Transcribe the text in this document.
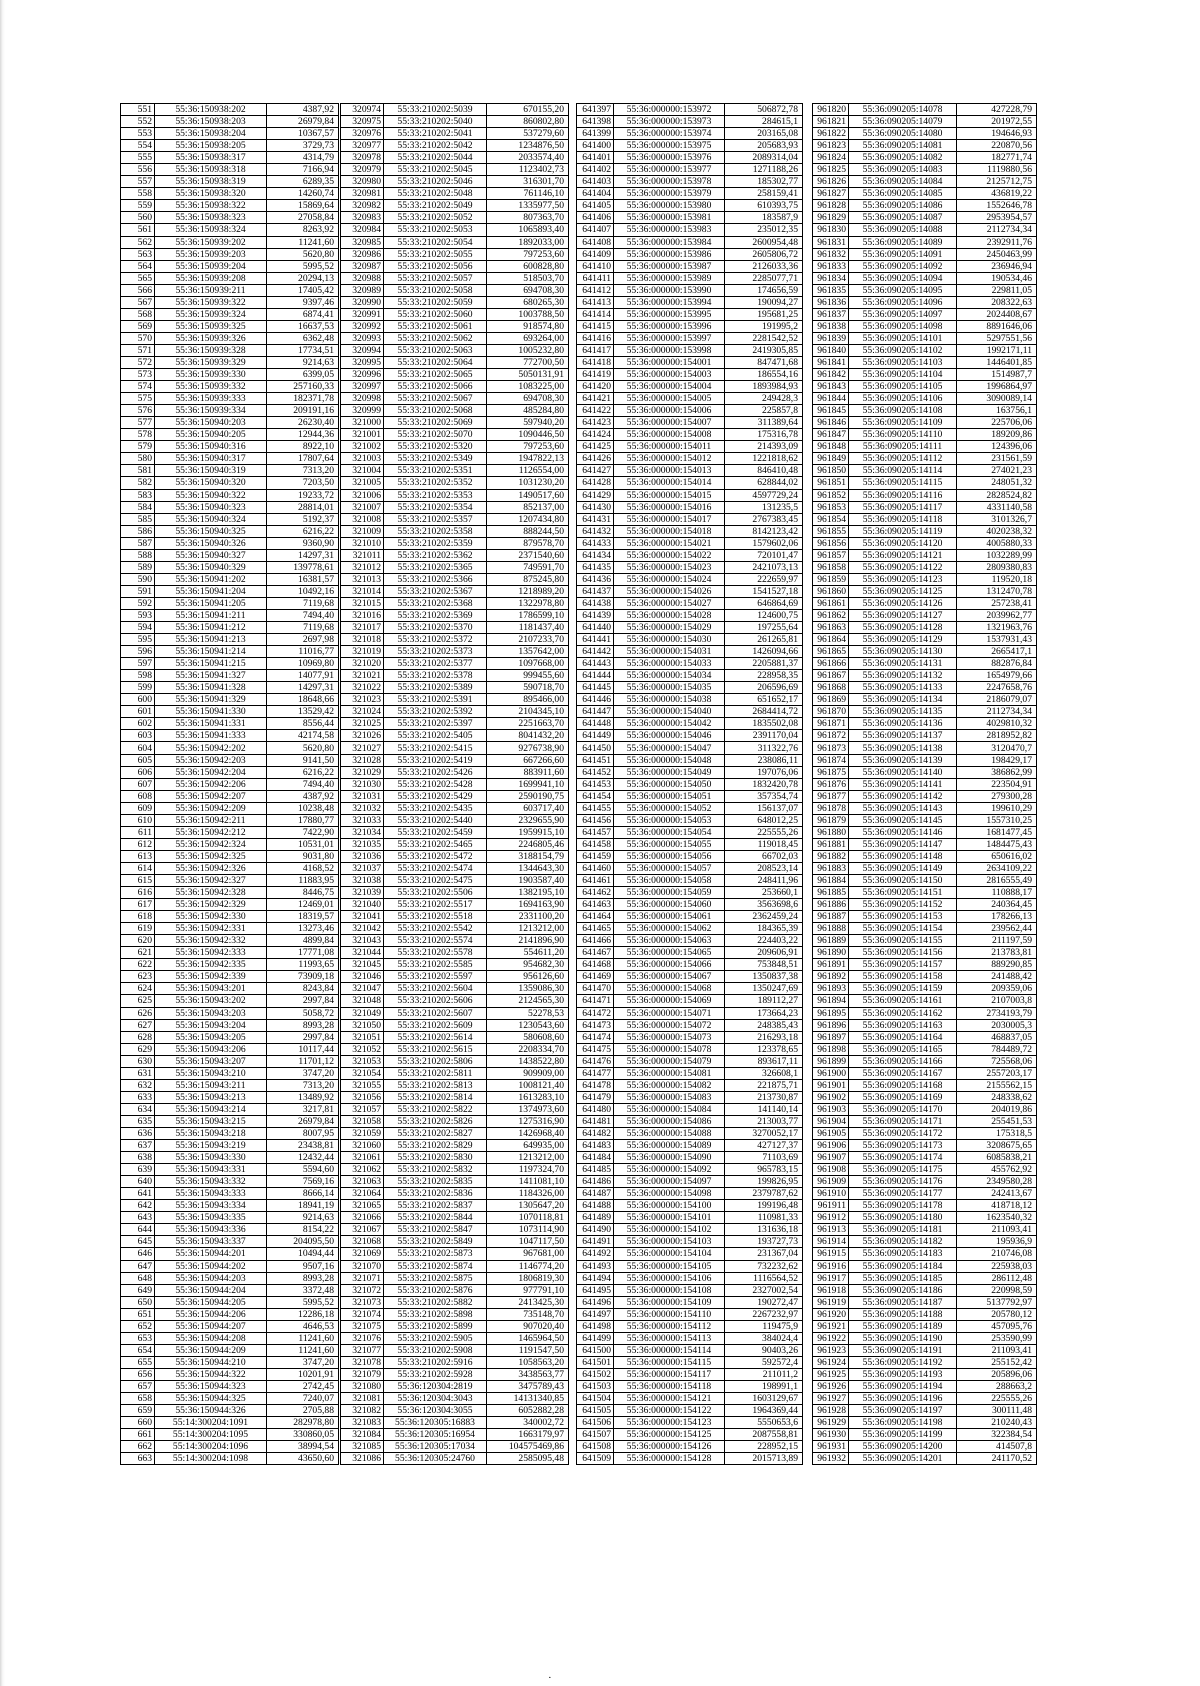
551	55:36:150938:202	4387,92
552	55:36:150938:203	26979,84
553	55:36:150938:204	10367,57
554	55:36:150938:205	3729,73
555	55:36:150938:317	4314,79
556	55:36:150938:318	7166,94
557	55:36:150938:319	6289,35
558	55:36:150938:320	14260,74
559	55:36:150938:322	15869,64
560	55:36:150938:323	27058,84
561	55:36:150938:324	8263,92
562	55:36:150939:202	11241,60
563	55:36:150939:203	5620,80
564	55:36:150939:204	5995,52
565	55:36:150939:208	20294,13
566	55:36:150939:211	17405,42
567	55:36:150939:322	9397,46
568	55:36:150939:324	6874,41
569	55:36:150939:325	16637,53
570	55:36:150939:326	6362,48
571	55:36:150939:328	17734,51
572	55:36:150939:329	9214,63
573	55:36:150939:330	6399,05
574	55:36:150939:332	257160,33
575	55:36:150939:333	182371,78
576	55:36:150939:334	209191,16
577	55:36:150940:203	26230,40
578	55:36:150940:205	12944,36
579	55:36:150940:316	8922,10
580	55:36:150940:317	17807,64
581	55:36:150940:319	7313,20
582	55:36:150940:320	7203,50
583	55:36:150940:322	19233,72
584	55:36:150940:323	28814,01
585	55:36:150940:324	5192,37
586	55:36:150940:325	6216,22
587	55:36:150940:326	9360,90
588	55:36:150940:327	14297,31
589	55:36:150940:329	139778,61
590	55:36:150941:202	16381,57
591	55:36:150941:204	10492,16
592	55:36:150941:205	7119,68
593	55:36:150941:211	7494,40
594	55:36:150941:212	7119,68
595	55:36:150941:213	2697,98
596	55:36:150941:214	11016,77
597	55:36:150941:215	10969,80
598	55:36:150941:327	14077,91
599	55:36:150941:328	14297,31
600	55:36:150941:329	18648,66
601	55:36:150941:330	13529,42
602	55:36:150941:331	8556,44
603	55:36:150941:333	42174,58
604	55:36:150942:202	5620,80
605	55:36:150942:203	9141,50
606	55:36:150942:204	6216,22
607	55:36:150942:206	7494,40
608	55:36:150942:207	4387,92
609	55:36:150942:209	10238,48
610	55:36:150942:211	17880,77
611	55:36:150942:212	7422,90
612	55:36:150942:324	10531,01
613	55:36:150942:325	9031,80
614	55:36:150942:326	4168,52
615	55:36:150942:327	11883,95
616	55:36:150942:328	8446,75
617	55:36:150942:329	12469,01
618	55:36:150942:330	18319,57
619	55:36:150942:331	13273,46
620	55:36:150942:332	4899,84
621	55:36:150942:333	17771,08
622	55:36:150942:335	11993,65
623	55:36:150942:339	73909,18
624	55:36:150943:201	8243,84
625	55:36:150943:202	2997,84
626	55:36:150943:203	5058,72
627	55:36:150943:204	8993,28
628	55:36:150943:205	2997,84
629	55:36:150943:206	10117,44
630	55:36:150943:207	11701,12
631	55:36:150943:210	3747,20
632	55:36:150943:211	7313,20
633	55:36:150943:213	13489,92
634	55:36:150943:214	3217,81
635	55:36:150943:215	26979,84
636	55:36:150943:218	8007,95
637	55:36:150943:219	23438,81
638	55:36:150943:330	12432,44
639	55:36:150943:331	5594,60
640	55:36:150943:332	7569,16
641	55:36:150943:333	8666,14
642	55:36:150943:334	18941,19
643	55:36:150943:335	9214,63
644	55:36:150943:336	8154,22
645	55:36:150943:337	204095,50
646	55:36:150944:201	10494,44
647	55:36:150944:202	9507,16
648	55:36:150944:203	8993,28
649	55:36:150944:204	3372,48
650	55:36:150944:205	5995,52
651	55:36:150944:206	12286,18
652	55:36:150944:207	4646,53
653	55:36:150944:208	11241,60
654	55:36:150944:209	11241,60
655	55:36:150944:210	3747,20
656	55:36:150944:322	10201,91
657	55:36:150944:323	2742,45
658	55:36:150944:325	7240,07
659	55:36:150944:326	2705,88
660	55:14:300204:1091	282978,80
661	55:14:300204:1095	330860,05
662	55:14:300204:1096	38994,54
663	55:14:300204:1098	43650,60
320974	55:33:210202:5039	670155,20
320975	55:33:210202:5040	860802,80
320976	55:33:210202:5041	537279,60
320977	55:33:210202:5042	1234876,50
320978	55:33:210202:5044	2033574,40
320979	55:33:210202:5045	1123402,73
320980	55:33:210202:5046	316301,70
320981	55:33:210202:5048	761146,10
320982	55:33:210202:5049	1335977,50
320983	55:33:210202:5052	807363,70
320984	55:33:210202:5053	1065893,40
320985	55:33:210202:5054	1892033,00
320986	55:33:210202:5055	797253,60
320987	55:33:210202:5056	600828,80
320988	55:33:210202:5057	518503,70
320989	55:33:210202:5058	694708,30
320990	55:33:210202:5059	680265,30
320991	55:33:210202:5060	1003788,50
320992	55:33:210202:5061	918574,80
320993	55:33:210202:5062	693264,00
320994	55:33:210202:5063	1005232,80
320995	55:33:210202:5064	772700,50
320996	55:33:210202:5065	5050131,91
320997	55:33:210202:5066	1083225,00
320998	55:33:210202:5067	694708,30
320999	55:33:210202:5068	485284,80
321000	55:33:210202:5069	597940,20
321001	55:33:210202:5070	1090446,50
321002	55:33:210202:5320	797253,60
321003	55:33:210202:5349	1947822,13
321004	55:33:210202:5351	1126554,00
321005	55:33:210202:5352	1031230,20
321006	55:33:210202:5353	1490517,60
321007	55:33:210202:5354	852137,00
321008	55:33:210202:5357	1207434,80
321009	55:33:210202:5358	888244,50
321010	55:33:210202:5359	879578,70
321011	55:33:210202:5362	2371540,60
321012	55:33:210202:5365	749591,70
321013	55:33:210202:5366	875245,80
321014	55:33:210202:5367	1218989,20
321015	55:33:210202:5368	1322978,80
321016	55:33:210202:5369	1786599,10
321017	55:33:210202:5370	1181437,40
321018	55:33:210202:5372	2107233,70
321019	55:33:210202:5373	1357642,00
321020	55:33:210202:5377	1097668,00
321021	55:33:210202:5378	999455,60
321022	55:33:210202:5389	590718,70
321023	55:33:210202:5391	895466,00
321024	55:33:210202:5392	2104345,10
321025	55:33:210202:5397	2251663,70
321026	55:33:210202:5405	8041432,20
321027	55:33:210202:5415	9276738,90
321028	55:33:210202:5419	667266,60
321029	55:33:210202:5426	883911,60
321030	55:33:210202:5428	1699941,10
321031	55:33:210202:5429	2590190,75
321032	55:33:210202:5435	603717,40
321033	55:33:210202:5440	2329655,90
321034	55:33:210202:5459	1959915,10
321035	55:33:210202:5465	2246805,46
321036	55:33:210202:5472	3188154,79
321037	55:33:210202:5474	1344643,30
321038	55:33:210202:5475	1903587,40
321039	55:33:210202:5506	1382195,10
321040	55:33:210202:5517	1694163,90
321041	55:33:210202:5518	2331100,20
321042	55:33:210202:5542	1213212,00
321043	55:33:210202:5574	2141896,90
321044	55:33:210202:5578	554611,20
321045	55:33:210202:5585	954682,30
321046	55:33:210202:5597	956126,60
321047	55:33:210202:5604	1359086,30
321048	55:33:210202:5606	2124565,30
321049	55:33:210202:5607	52278,53
321050	55:33:210202:5609	1230543,60
321051	55:33:210202:5614	580608,60
321052	55:33:210202:5615	2208334,70
321053	55:33:210202:5806	1438522,80
321054	55:33:210202:5811	909909,00
321055	55:33:210202:5813	1008121,40
321056	55:33:210202:5814	1613283,10
321057	55:33:210202:5822	1374973,60
321058	55:33:210202:5826	1275316,90
321059	55:33:210202:5827	1426968,40
321060	55:33:210202:5829	649935,00
321061	55:33:210202:5830	1213212,00
321062	55:33:210202:5832	1197324,70
321063	55:33:210202:5835	1411081,10
321064	55:33:210202:5836	1184326,00
321065	55:33:210202:5837	1305647,20
321066	55:33:210202:5844	1070118,81
321067	55:33:210202:5847	1073114,90
321068	55:33:210202:5849	1047117,50
321069	55:33:210202:5873	967681,00
321070	55:33:210202:5874	1146774,20
321071	55:33:210202:5875	1806819,30
321072	55:33:210202:5876	977791,10
321073	55:33:210202:5882	2413425,30
321074	55:33:210202:5898	735148,70
321075	55:33:210202:5899	907020,40
321076	55:33:210202:5905	1465964,50
321077	55:33:210202:5908	1191547,50
321078	55:33:210202:5916	1058563,20
321079	55:33:210202:5928	3438563,77
321080	55:36:120304:2819	3475789,43
321081	55:36:120304:3043	14131340,85
321082	55:36:120304:3055	6052882,28
321083	55:36:120305:16883	340002,72
321084	55:36:120305:16954	1663179,97
321085	55:36:120305:17034	104575469,86
321086	55:36:120305:24760	2585095,48
641397	55:36:000000:153972	506872,78
641398	55:36:000000:153973	284615,1
641399	55:36:000000:153974	203165,08
641400	55:36:000000:153975	205683,93
641401	55:36:000000:153976	2089314,04
641402	55:36:000000:153977	1271188,26
641403	55:36:000000:153978	185302,77
641404	55:36:000000:153979	258159,41
641405	55:36:000000:153980	610393,75
641406	55:36:000000:153981	183587,9
641407	55:36:000000:153983	235012,35
641408	55:36:000000:153984	2600954,48
641409	55:36:000000:153986	2605806,72
641410	55:36:000000:153987	2126033,36
641411	55:36:000000:153989	2285077,71
641412	55:36:000000:153990	174656,59
641413	55:36:000000:153994	190094,27
641414	55:36:000000:153995	195681,25
641415	55:36:000000:153996	191995,2
641416	55:36:000000:153997	2281542,52
641417	55:36:000000:153998	2419305,85
641418	55:36:000000:154001	847471,68
641419	55:36:000000:154003	186554,16
641420	55:36:000000:154004	1893984,93
641421	55:36:000000:154005	249428,3
641422	55:36:000000:154006	225857,8
641423	55:36:000000:154007	311389,64
641424	55:36:000000:154008	175316,78
641425	55:36:000000:154011	214393,09
641426	55:36:000000:154012	1221818,62
641427	55:36:000000:154013	846410,48
641428	55:36:000000:154014	628844,02
641429	55:36:000000:154015	4597729,24
641430	55:36:000000:154016	131235,5
641431	55:36:000000:154017	2767383,45
641432	55:36:000000:154018	8142123,42
641433	55:36:000000:154021	1579602,06
641434	55:36:000000:154022	720101,47
641435	55:36:000000:154023	2421073,13
641436	55:36:000000:154024	222659,97
641437	55:36:000000:154026	1541527,18
641438	55:36:000000:154027	646864,69
641439	55:36:000000:154028	124600,75
641440	55:36:000000:154029	197255,64
641441	55:36:000000:154030	261265,81
641442	55:36:000000:154031	1426094,66
641443	55:36:000000:154033	2205881,37
641444	55:36:000000:154034	228958,35
641445	55:36:000000:154035	206596,69
641446	55:36:000000:154038	651652,17
641447	55:36:000000:154040	2684414,72
641448	55:36:000000:154042	1835502,08
641449	55:36:000000:154046	2391170,04
641450	55:36:000000:154047	311322,76
641451	55:36:000000:154048	238086,11
641452	55:36:000000:154049	197076,06
641453	55:36:000000:154050	1832420,78
641454	55:36:000000:154051	357354,74
641455	55:36:000000:154052	156137,07
641456	55:36:000000:154053	648012,25
641457	55:36:000000:154054	225555,26
641458	55:36:000000:154055	119018,45
641459	55:36:000000:154056	66702,03
641460	55:36:000000:154057	208523,14
641461	55:36:000000:154058	248411,96
641462	55:36:000000:154059	253660,1
641463	55:36:000000:154060	3563698,6
641464	55:36:000000:154061	2362459,24
641465	55:36:000000:154062	184365,39
641466	55:36:000000:154063	224403,22
641467	55:36:000000:154065	209606,91
641468	55:36:000000:154066	753848,51
641469	55:36:000000:154067	1350837,38
641470	55:36:000000:154068	1350247,69
641471	55:36:000000:154069	189112,27
641472	55:36:000000:154071	173664,23
641473	55:36:000000:154072	248385,43
641474	55:36:000000:154073	216293,18
641475	55:36:000000:154078	123378,65
641476	55:36:000000:154079	893617,11
641477	55:36:000000:154081	326608,1
641478	55:36:000000:154082	221875,71
641479	55:36:000000:154083	213730,87
641480	55:36:000000:154084	141140,14
641481	55:36:000000:154086	213003,77
641482	55:36:000000:154088	3270052,17
641483	55:36:000000:154089	427127,37
641484	55:36:000000:154090	71103,69
641485	55:36:000000:154092	965783,15
641486	55:36:000000:154097	199826,95
641487	55:36:000000:154098	2379787,62
641488	55:36:000000:154100	199196,48
641489	55:36:000000:154101	110981,33
641490	55:36:000000:154102	131636,18
641491	55:36:000000:154103	193727,73
641492	55:36:000000:154104	231367,04
641493	55:36:000000:154105	732232,62
641494	55:36:000000:154106	1116564,52
641495	55:36:000000:154108	2327002,54
641496	55:36:000000:154109	190272,47
641497	55:36:000000:154110	2267232,97
641498	55:36:000000:154112	119475,9
641499	55:36:000000:154113	384024,4
641500	55:36:000000:154114	90403,26
641501	55:36:000000:154115	592572,4
641502	55:36:000000:154117	211011,2
641503	55:36:000000:154118	198991,1
641504	55:36:000000:154121	1603129,67
641505	55:36:000000:154122	1964369,44
641506	55:36:000000:154123	5550653,6
641507	55:36:000000:154125	2087558,81
641508	55:36:000000:154126	228952,15
641509	55:36:000000:154128	2015713,89
961820	55:36:090205:14078	427228,79
961821	55:36:090205:14079	201972,55
961822	55:36:090205:14080	194646,93
961823	55:36:090205:14081	220870,56
961824	55:36:090205:14082	182771,74
961825	55:36:090205:14083	1119880,56
961826	55:36:090205:14084	2125712,75
961827	55:36:090205:14085	436819,22
961828	55:36:090205:14086	1552646,78
961829	55:36:090205:14087	2953954,57
961830	55:36:090205:14088	2112734,34
961831	55:36:090205:14089	2392911,76
961832	55:36:090205:14091	2450463,99
961833	55:36:090205:14092	236946,94
961834	55:36:090205:14094	190534,46
961835	55:36:090205:14095	229811,05
961836	55:36:090205:14096	208322,63
961837	55:36:090205:14097	2024408,67
961838	55:36:090205:14098	8891646,06
961839	55:36:090205:14101	5297551,56
961840	55:36:090205:14102	1992171,11
961841	55:36:090205:14103	1446401,85
961842	55:36:090205:14104	1514987,7
961843	55:36:090205:14105	1996864,97
961844	55:36:090205:14106	3090089,14
961845	55:36:090205:14108	163756,1
961846	55:36:090205:14109	225706,06
961847	55:36:090205:14110	189209,86
961848	55:36:090205:14111	124396,06
961849	55:36:090205:14112	231561,59
961850	55:36:090205:14114	274021,23
961851	55:36:090205:14115	248051,32
961852	55:36:090205:14116	2828524,82
961853	55:36:090205:14117	4331140,58
961854	55:36:090205:14118	3101326,7
961855	55:36:090205:14119	4020238,32
961856	55:36:090205:14120	4005880,33
961857	55:36:090205:14121	1032289,99
961858	55:36:090205:14122	2809380,83
961859	55:36:090205:14123	119520,18
961860	55:36:090205:14125	1312470,78
961861	55:36:090205:14126	257238,41
961862	55:36:090205:14127	2039962,77
961863	55:36:090205:14128	1321963,76
961864	55:36:090205:14129	1537931,43
961865	55:36:090205:14130	2665417,1
961866	55:36:090205:14131	882876,84
961867	55:36:090205:14132	1654979,66
961868	55:36:090205:14133	2247658,76
961869	55:36:090205:14134	2186079,07
961870	55:36:090205:14135	2112734,34
961871	55:36:090205:14136	4029810,32
961872	55:36:090205:14137	2818952,82
961873	55:36:090205:14138	3120470,7
961874	55:36:090205:14139	198429,17
961875	55:36:090205:14140	386862,99
961876	55:36:090205:14141	223504,91
961877	55:36:090205:14142	279300,28
961878	55:36:090205:14143	199610,29
961879	55:36:090205:14145	1557310,25
961880	55:36:090205:14146	1681477,45
961881	55:36:090205:14147	1484475,43
961882	55:36:090205:14148	650616,02
961883	55:36:090205:14149	2634109,22
961884	55:36:090205:14150	2816555,49
961885	55:36:090205:14151	110888,17
961886	55:36:090205:14152	240364,45
961887	55:36:090205:14153	178266,13
961888	55:36:090205:14154	239562,44
961889	55:36:090205:14155	211197,59
961890	55:36:090205:14156	213783,81
961891	55:36:090205:14157	889290,85
961892	55:36:090205:14158	241488,42
961893	55:36:090205:14159	209359,06
961894	55:36:090205:14161	2107003,8
961895	55:36:090205:14162	2734193,79
961896	55:36:090205:14163	2030005,3
961897	55:36:090205:14164	468837,05
961898	55:36:090205:14165	784489,72
961899	55:36:090205:14166	725568,06
961900	55:36:090205:14167	2557203,17
961901	55:36:090205:14168	2155562,15
961902	55:36:090205:14169	248338,62
961903	55:36:090205:14170	204019,86
961904	55:36:090205:14171	255451,53
961905	55:36:090205:14172	175318,5
961906	55:36:090205:14173	3208675,65
961907	55:36:090205:14174	6085838,21
961908	55:36:090205:14175	455762,92
961909	55:36:090205:14176	2349580,28
961910	55:36:090205:14177	242413,67
961911	55:36:090205:14178	418718,12
961912	55:36:090205:14180	1623540,32
961913	55:36:090205:14181	211093,41
961914	55:36:090205:14182	195936,9
961915	55:36:090205:14183	210746,08
961916	55:36:090205:14184	225938,03
961917	55:36:090205:14185	286112,48
961918	55:36:090205:14186	220998,59
961919	55:36:090205:14187	5137792,97
961920	55:36:090205:14188	205780,12
961921	55:36:090205:14189	457095,76
961922	55:36:090205:14190	253590,99
961923	55:36:090205:14191	211093,41
961924	55:36:090205:14192	255152,42
961925	55:36:090205:14193	205896,06
961926	55:36:090205:14194	288663,2
961927	55:36:090205:14196	225555,26
961928	55:36:090205:14197	300111,48
961929	55:36:090205:14198	210240,43
961930	55:36:090205:14199	322384,54
961931	55:36:090205:14200	414507,8
961932	55:36:090205:14201	241170,52
·
